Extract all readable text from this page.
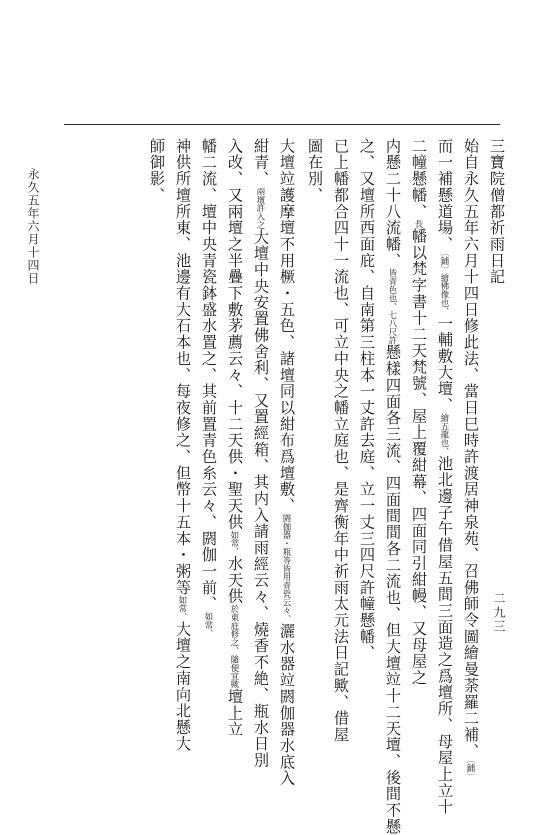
永久五年六月十四日
二九三
三寶院僧都祈雨日記
始自永久五年六月十四日修此法、當日巳時許渡居神泉苑、召佛師令圖繪曼荼羅二補、〔鋪〕
而一補懸道場、〔鋪〕繪佛像也、一輔敷大壇、繪五龍也、池北邊子午借屋五間三面造之爲壇所、母屋上立十
二幢懸幡、長幡以梵字書十二天梵號、屋上覆紺幕、四面同引紺幔、又母屋之
内懸二十八流幡、皆青色也、七八尺許懸樣四面各三流、四面間間各二流也、但大壇竝十二天壇、後間不懸
之、又壇所西面庇、自南第三柱本一丈許去庭、立一丈三四尺許幢懸幡、
已上幡都合四十一流也、可立中央之幡立庭也、是齊衡年中祈雨太元法日記歟、借屋
圖在別、
大壇竝護摩壇不用橛・五色、諸壇同以紺布爲壇敷、閼伽器・瓶等皆用青瓷云々、灑水器竝閼伽器水底入
紺青、兩壇許入之大壇中央安置佛舍利、又置經箱、其内入請雨經云々、燒香不絶、瓶水日別
入改、又兩壇之半疊下敷茅薦云々、十二天供・聖天供如常、水天供於東庇修之、隨便宜歟壇上立
幡二流、壇中央青瓷鉢盛水置之、其前置青色糸云々、閼伽一前、如常、
神供所壇所東、池邊有大石本也、每夜修之、但幣十五本・粥等如常、大壇之南向北懸大
師御影、
